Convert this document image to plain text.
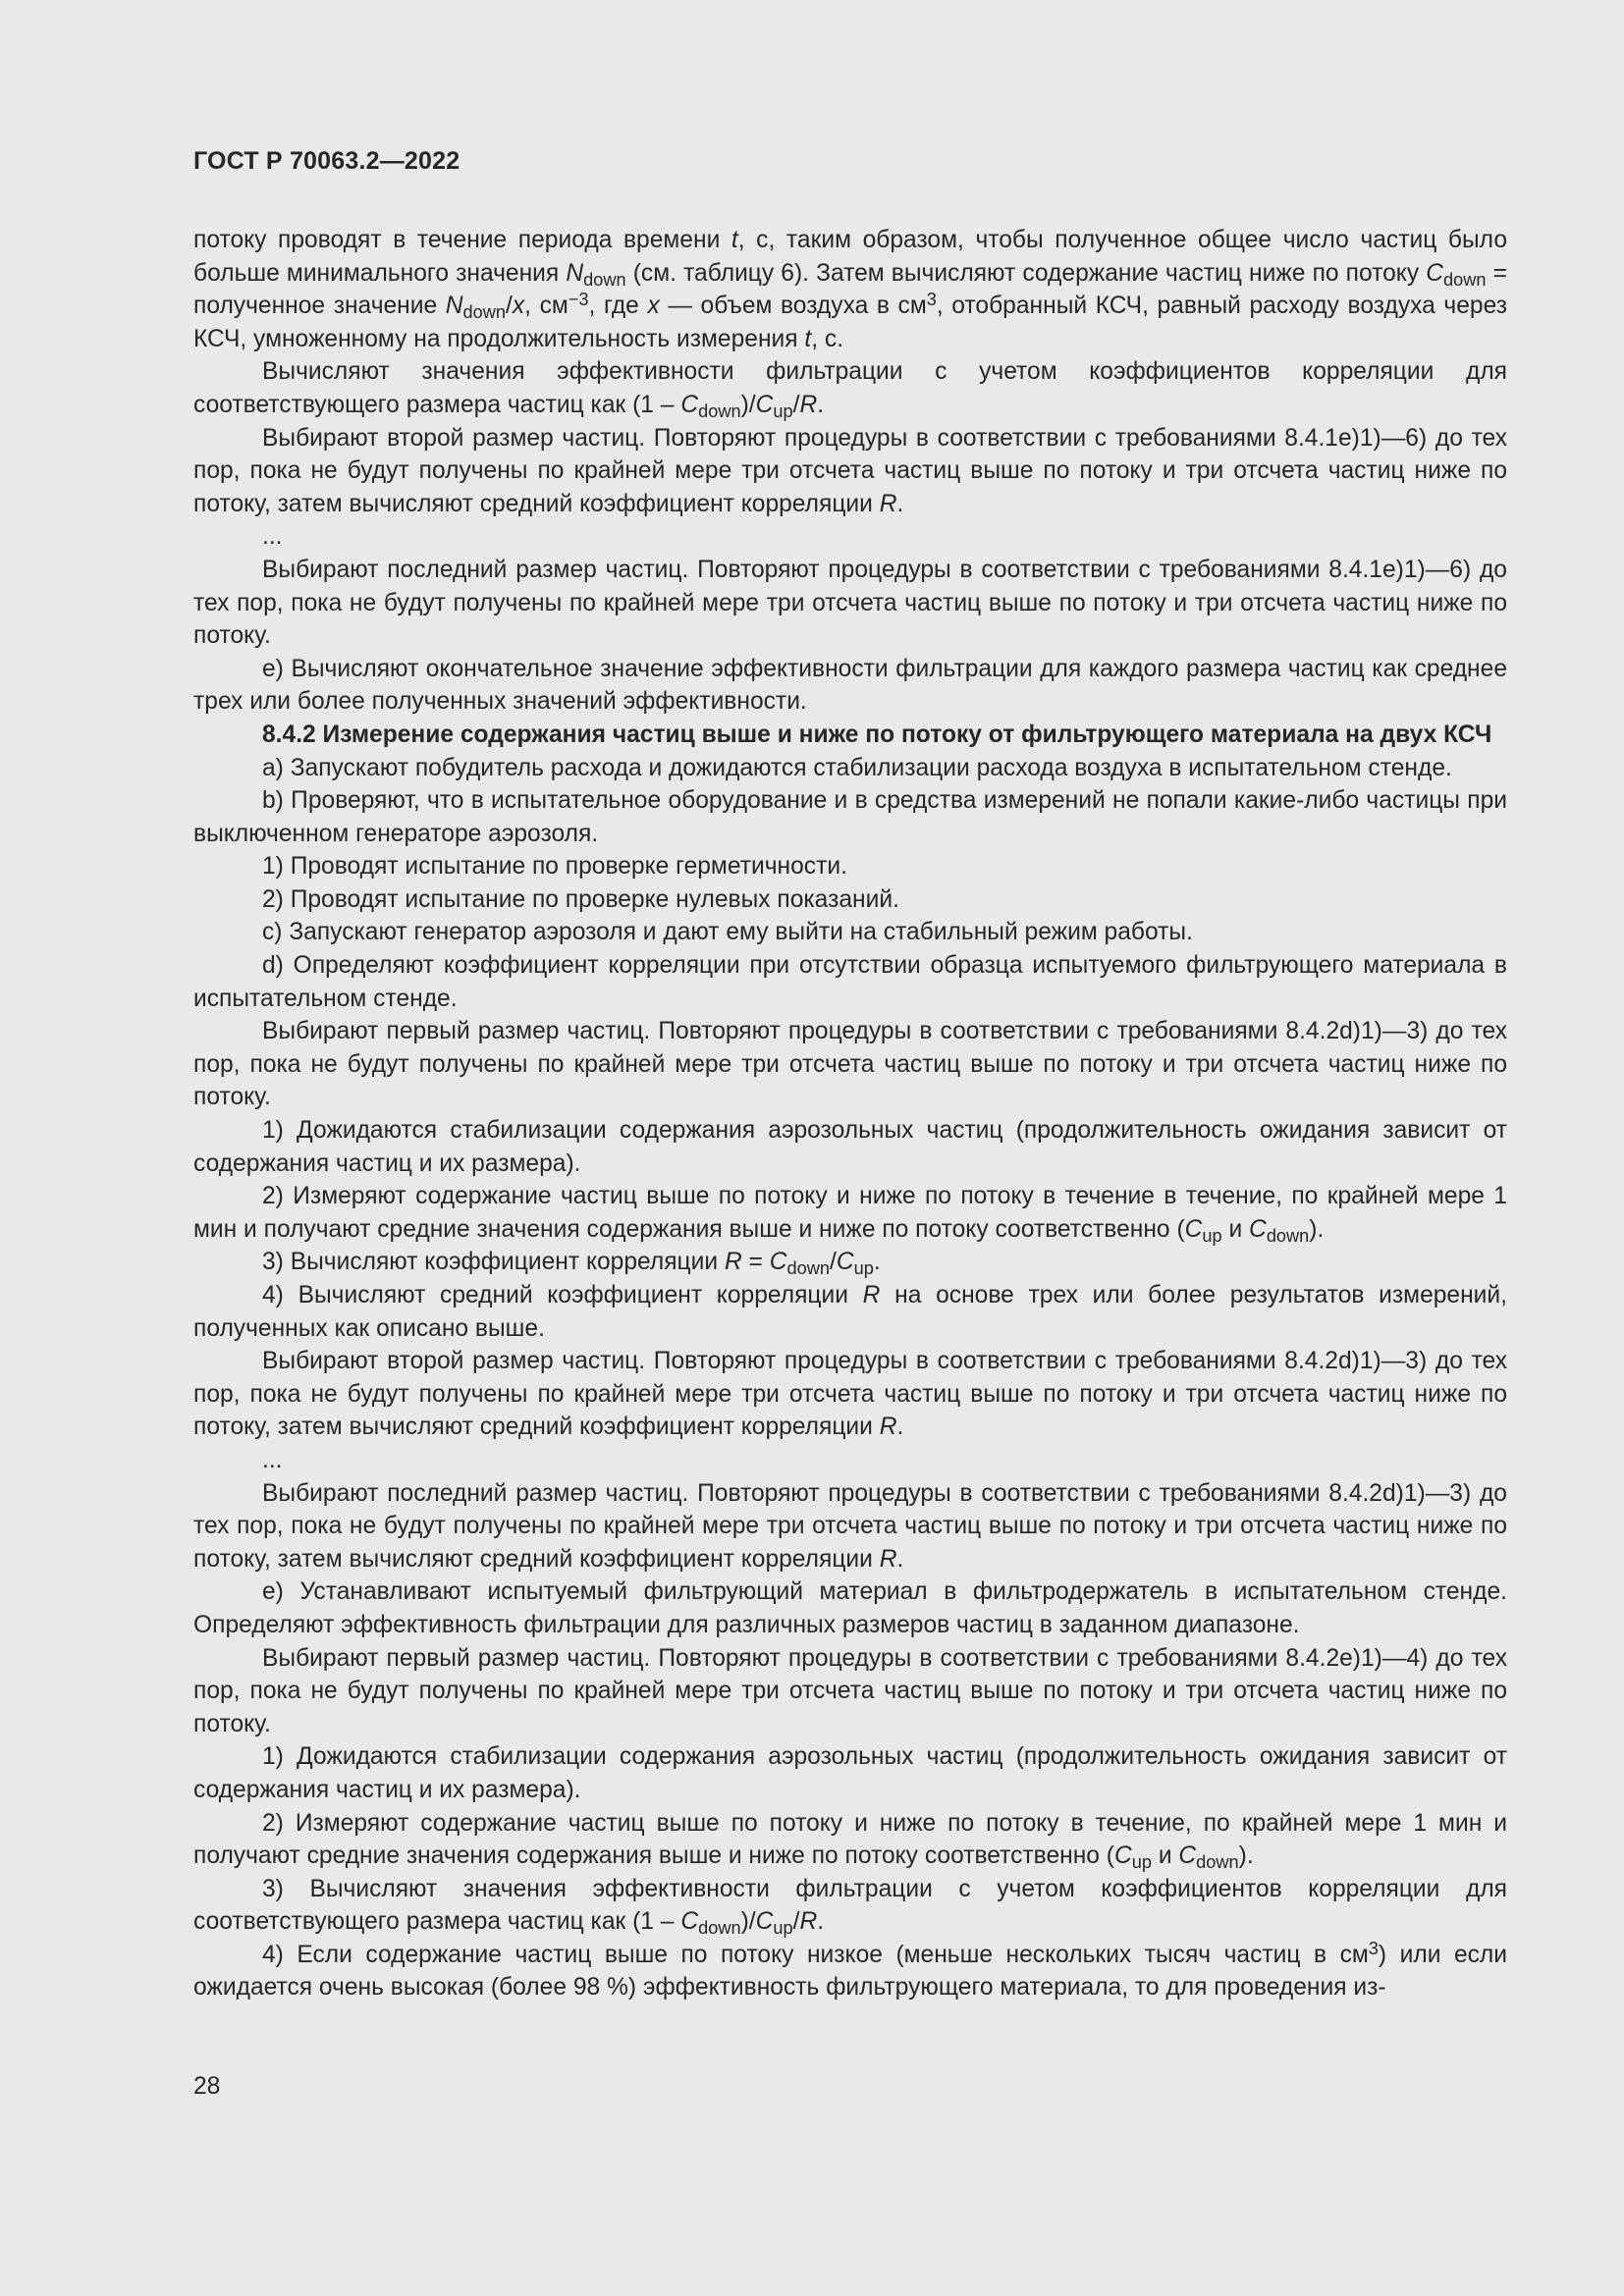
ГОСТ Р 70063.2—2022

потоку проводят в течение периода времени t, с, таким образом, чтобы полученное общее число частиц было больше минимального значения $N_{down}$ (см. таблицу 6). Затем вычисляют содержание частиц ниже по потоку $C_{down}$ = полученное значение $N_{down}/x$, $см^{-3}$, где x — объем воздуха в $см^3$, отобранный КСЧ, равный расходу воздуха через КСЧ, умноженному на продолжительность измерения t, с.

Вычисляют значения эффективности фильтрации с учетом коэффициентов корреляции для соответствующего размера частиц как $(1 - C_{down})/C_{up}/R$.

Выбирают второй размер частиц. Повторяют процедуры в соответствии с требованиями 8.4.1e)1)—6) до тех пор, пока не будут получены по крайней мере три отсчета частиц выше по потоку и три отсчета частиц ниже по потоку, затем вычисляют средний коэффициент корреляции R.

...

Выбирают последний размер частиц. Повторяют процедуры в соответствии с требованиями 8.4.1e)1)—6) до тех пор, пока не будут получены по крайней мере три отсчета частиц выше по потоку и три отсчета частиц ниже по потоку.

e) Вычисляют окончательное значение эффективности фильтрации для каждого размера частиц как среднее трех или более полученных значений эффективности.

8.4.2 Измерение содержания частиц выше и ниже по потоку от фильтрующего материала на двух КСЧ

a) Запускают побудитель расхода и дожидаются стабилизации расхода воздуха в испытательном стенде.

b) Проверяют, что в испытательное оборудование и в средства измерений не попали какие-либо частицы при выключенном генераторе аэрозоля.

1) Проводят испытание по проверке герметичности.

2) Проводят испытание по проверке нулевых показаний.

c) Запускают генератор аэрозоля и дают ему выйти на стабильный режим работы.

d) Определяют коэффициент корреляции при отсутствии образца испытуемого фильтрующего материала в испытательном стенде.

Выбирают первый размер частиц. Повторяют процедуры в соответствии с требованиями 8.4.2d)1)—3) до тех пор, пока не будут получены по крайней мере три отсчета частиц выше по потоку и три отсчета частиц ниже по потоку.

1) Дожидаются стабилизации содержания аэрозольных частиц (продолжительность ожидания зависит от содержания частиц и их размера).

2) Измеряют содержание частиц выше по потоку и ниже по потоку в течение в течение, по крайней мере 1 мин и получают средние значения содержания выше и ниже по потоку соответственно ($C_{up}$ и $C_{down}$).

3) Вычисляют коэффициент корреляции $R = C_{down}/C_{up}$.

4) Вычисляют средний коэффициент корреляции R на основе трех или более результатов измерений, полученных как описано выше.

Выбирают второй размер частиц. Повторяют процедуры в соответствии с требованиями 8.4.2d)1)—3) до тех пор, пока не будут получены по крайней мере три отсчета частиц выше по потоку и три отсчета частиц ниже по потоку, затем вычисляют средний коэффициент корреляции R.

...

Выбирают последний размер частиц. Повторяют процедуры в соответствии с требованиями 8.4.2d)1)—3) до тех пор, пока не будут получены по крайней мере три отсчета частиц выше по потоку и три отсчета частиц ниже по потоку, затем вычисляют средний коэффициент корреляции R.

e) Устанавливают испытуемый фильтрующий материал в фильтродержатель в испытательном стенде. Определяют эффективность фильтрации для различных размеров частиц в заданном диапазоне.

Выбирают первый размер частиц. Повторяют процедуры в соответствии с требованиями 8.4.2e)1)—4) до тех пор, пока не будут получены по крайней мере три отсчета частиц выше по потоку и три отсчета частиц ниже по потоку.

1) Дожидаются стабилизации содержания аэрозольных частиц (продолжительность ожидания зависит от содержания частиц и их размера).

2) Измеряют содержание частиц выше по потоку и ниже по потоку в течение, по крайней мере 1 мин и получают средние значения содержания выше и ниже по потоку соответственно ($C_{up}$ и $C_{down}$).

3) Вычисляют значения эффективности фильтрации с учетом коэффициентов корреляции для соответствующего размера частиц как $(1 - C_{down})/C_{up}/R$.

4) Если содержание частиц выше по потоку низкое (меньше нескольких тысяч частиц в $см^3$) или если ожидается очень высокая (более 98 %) эффективность фильтрующего материала, то для проведения из-

28
